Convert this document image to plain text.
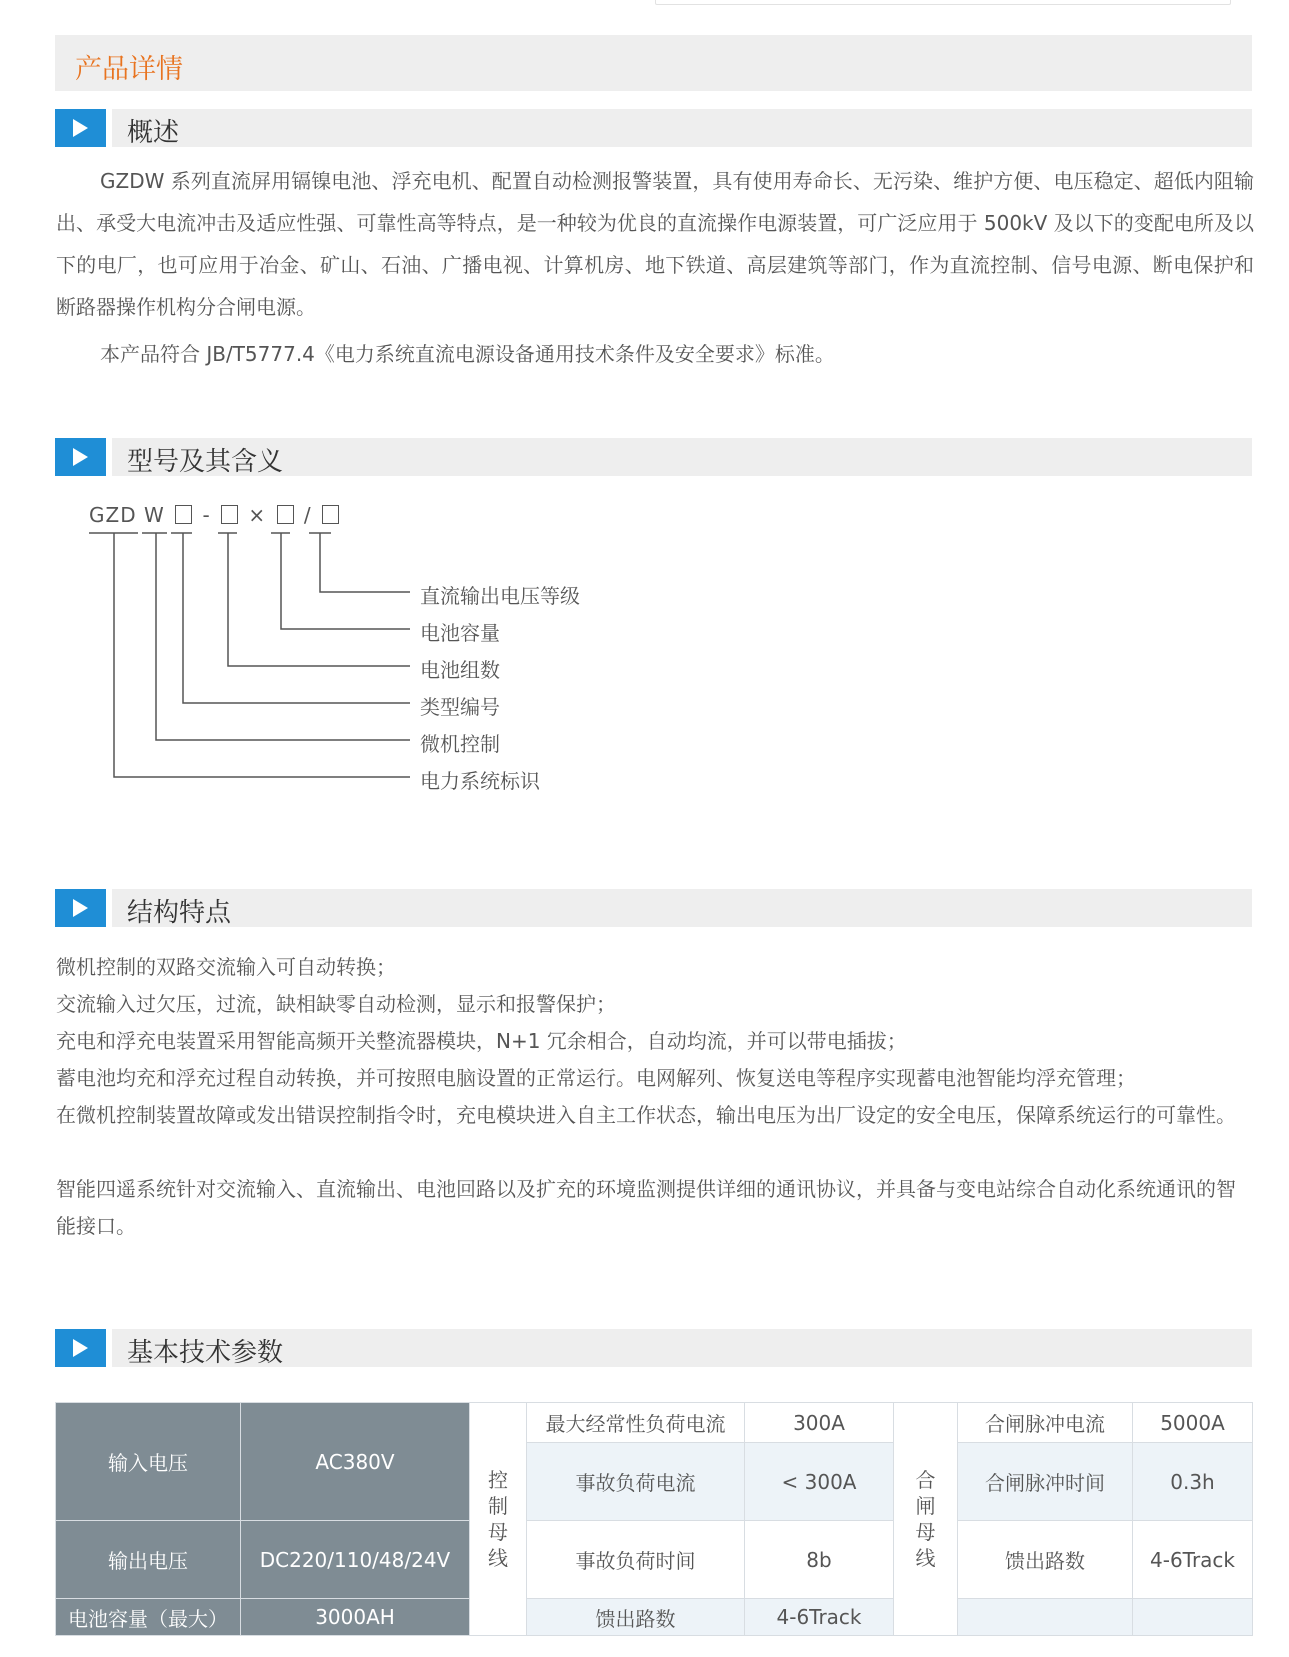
产品详情
概述

GZDW 系列直流屏用镉镍电池、浮充电机、配置自动检测报警装置，具有使用寿命长、无污染、维护方便、电压稳定、超低内阻输出、承受大电流冲击及适应性强、可靠性高等特点，是一种较为优良的直流操作电源装置，可广泛应用于 500kV 及以下的变配电所及以下的电厂，也可应用于冶金、矿山、石油、广播电视、计算机房、地下铁道、高层建筑等部门，作为直流控制、信号电源、断电保护和断路器操作机构分合闸电源。

本产品符合 JB/T5777.4《电力系统直流电源设备通用技术条件及安全要求》标准。

型号及其含义
GZD W - × /
直流输出电压等级
电池容量
电池组数
类型编号
微机控制
电力系统标识
结构特点

微机控制的双路交流输入可自动转换；

交流输入过欠压，过流，缺相缺零自动检测，显示和报警保护；

充电和浮充电装置采用智能高频开关整流器模块，N+1 冗余相合，自动均流，并可以带电插拔；

蓄电池均充和浮充过程自动转换，并可按照电脑设置的正常运行。电网解列、恢复送电等程序实现蓄电池智能均浮充管理；

在微机控制装置故障或发出错误控制指令时，充电模块进入自主工作状态，输出电压为出厂设定的安全电压，保障系统运行的可靠性。

智能四遥系统针对交流输入、直流输出、电池回路以及扩充的环境监测提供详细的通讯协议，并具备与变电站综合自动化系统通讯的智能接口。

基本技术参数
输入电压	AC380V	控制母线	最大经常性负荷电流	300A	合闸母线	合闸脉冲电流	5000A
			事故负荷电流	< 300A		合闸脉冲时间	0.3h
输出电压	DC220/110/48/24V		事故负荷时间	8b		馈出路数	4-6Track
电池容量（最大）	3000AH		馈出路数	4-6Track			
